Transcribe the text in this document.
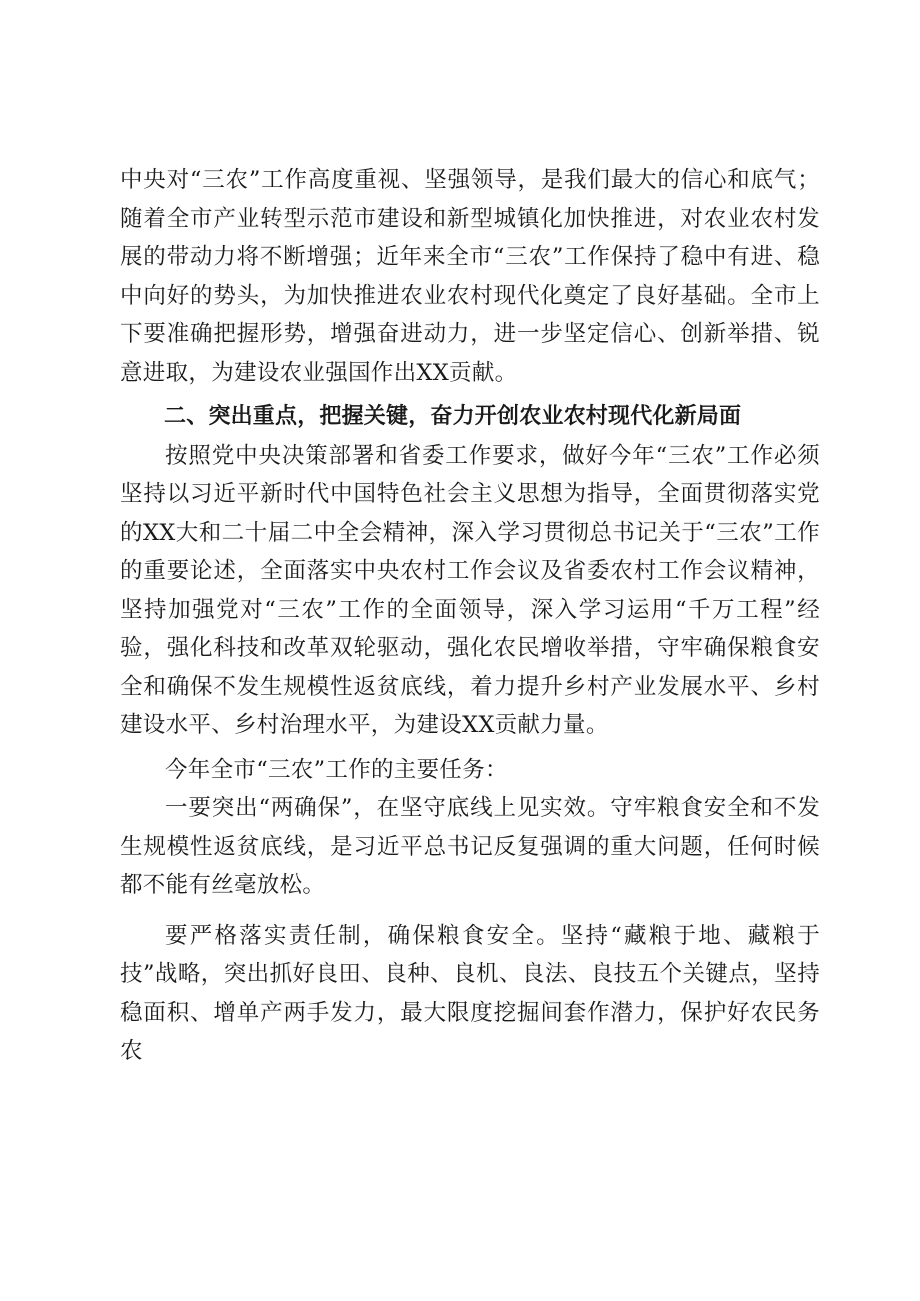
中央对“三农”工作高度重视、坚强领导，是我们最大的信心和底气；随着全市产业转型示范市建设和新型城镇化加快推进，对农业农村发展的带动力将不断增强；近年来全市“三农”工作保持了稳中有进、稳中向好的势头，为加快推进农业农村现代化奠定了良好基础。全市上下要准确把握形势，增强奋进动力，进一步坚定信心、创新举措、锐意进取，为建设农业强国作出XX贡献。

二、突出重点，把握关键，奋力开创农业农村现代化新局面

按照党中央决策部署和省委工作要求，做好今年“三农”工作必须坚持以习近平新时代中国特色社会主义思想为指导，全面贯彻落实党的XX大和二十届二中全会精神，深入学习贯彻总书记关于“三农”工作的重要论述，全面落实中央农村工作会议及省委农村工作会议精神，坚持加强党对“三农”工作的全面领导，深入学习运用“千万工程”经验，强化科技和改革双轮驱动，强化农民增收举措，守牢确保粮食安全和确保不发生规模性返贫底线，着力提升乡村产业发展水平、乡村建设水平、乡村治理水平，为建设XX贡献力量。

今年全市“三农”工作的主要任务：

一要突出“两确保”，在坚守底线上见实效。守牢粮食安全和不发生规模性返贫底线，是习近平总书记反复强调的重大问题，任何时候都不能有丝毫放松。

要严格落实责任制，确保粮食安全。坚持“藏粮于地、藏粮于技”战略，突出抓好良田、良种、良机、良法、良技五个关键点，坚持稳面积、增单产两手发力，最大限度挖掘间套作潜力，保护好农民务农
